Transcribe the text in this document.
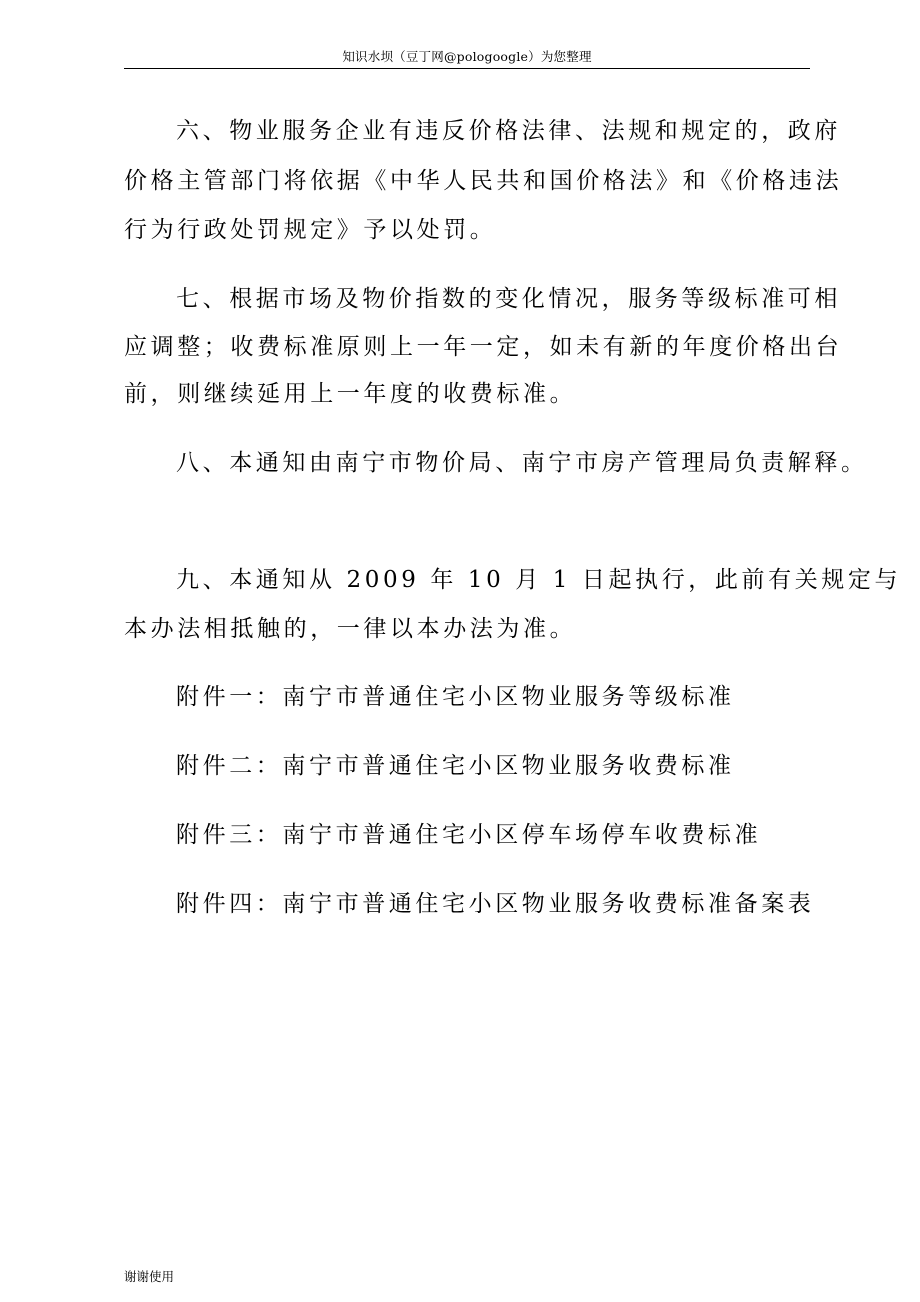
知识水坝（豆丁网@pologoogle）为您整理
六、物业服务企业有违反价格法律、法规和规定的，政府
价格主管部门将依据《中华人民共和国价格法》和《价格违法
行为行政处罚规定》予以处罚。
七、根据市场及物价指数的变化情况，服务等级标准可相
应调整；收费标准原则上一年一定，如未有新的年度价格出台
前，则继续延用上一年度的收费标准。
八、本通知由南宁市物价局、南宁市房产管理局负责解释。
九、本通知从 2009 年 10 月 1 日起执行，此前有关规定与
本办法相抵触的，一律以本办法为准。
附件一：南宁市普通住宅小区物业服务等级标准
附件二：南宁市普通住宅小区物业服务收费标准
附件三：南宁市普通住宅小区停车场停车收费标准
附件四：南宁市普通住宅小区物业服务收费标准备案表
谢谢使用
